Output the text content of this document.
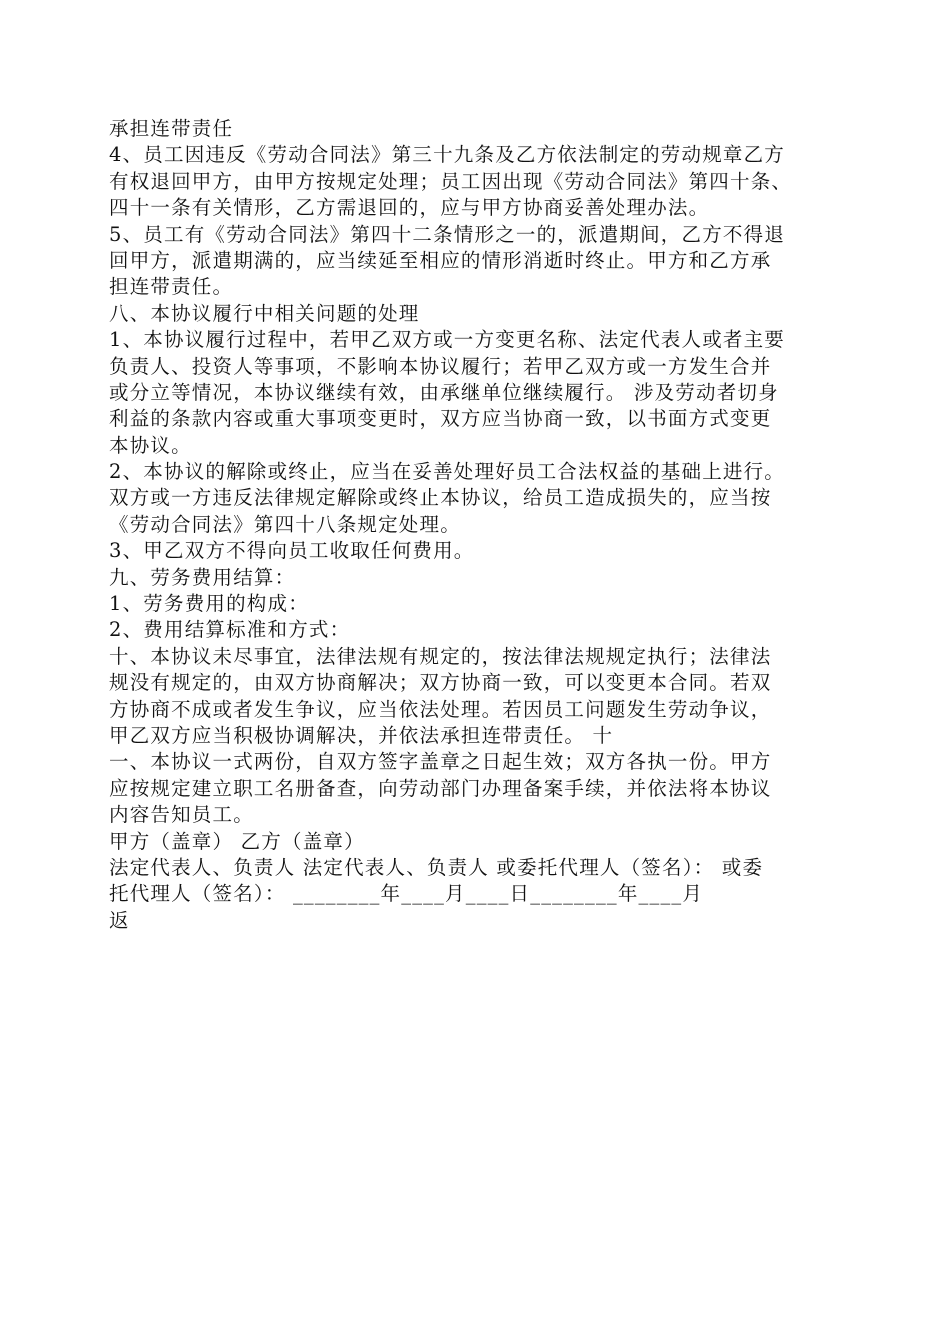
承担连带责任
4、员工因违反《劳动合同法》第三十九条及乙方依法制定的劳动规章乙方
有权退回甲方，由甲方按规定处理；员工因出现《劳动合同法》第四十条、
四十一条有关情形，乙方需退回的，应与甲方协商妥善处理办法。
5、员工有《劳动合同法》第四十二条情形之一的，派遣期间，乙方不得退
回甲方，派遣期满的，应当续延至相应的情形消逝时终止。甲方和乙方承
担连带责任。
八、本协议履行中相关问题的处理
1、本协议履行过程中，若甲乙双方或一方变更名称、法定代表人或者主要
负责人、投资人等事项，不影响本协议履行；若甲乙双方或一方发生合并
或分立等情况，本协议继续有效，由承继单位继续履行。 涉及劳动者切身
利益的条款内容或重大事项变更时，双方应当协商一致，以书面方式变更
本协议。
2、本协议的解除或终止，应当在妥善处理好员工合法权益的基础上进行。
双方或一方违反法律规定解除或终止本协议，给员工造成损失的，应当按
《劳动合同法》第四十八条规定处理。
3、甲乙双方不得向员工收取任何费用。
九、劳务费用结算：
1、劳务费用的构成：
2、费用结算标准和方式：
十、本协议未尽事宜，法律法规有规定的，按法律法规规定执行；法律法
规没有规定的，由双方协商解决；双方协商一致，可以变更本合同。若双
方协商不成或者发生争议，应当依法处理。若因员工问题发生劳动争议，
甲乙双方应当积极协调解决，并依法承担连带责任。 十
一、本协议一式两份，自双方签字盖章之日起生效；双方各执一份。甲方
应按规定建立职工名册备查，向劳动部门办理备案手续，并依法将本协议
内容告知员工。
甲方（盖章） 乙方（盖章）
法定代表人、负责人 法定代表人、负责人 或委托代理人（签名）： 或委
托代理人（签名）： ________年____月____日________年____月
返
